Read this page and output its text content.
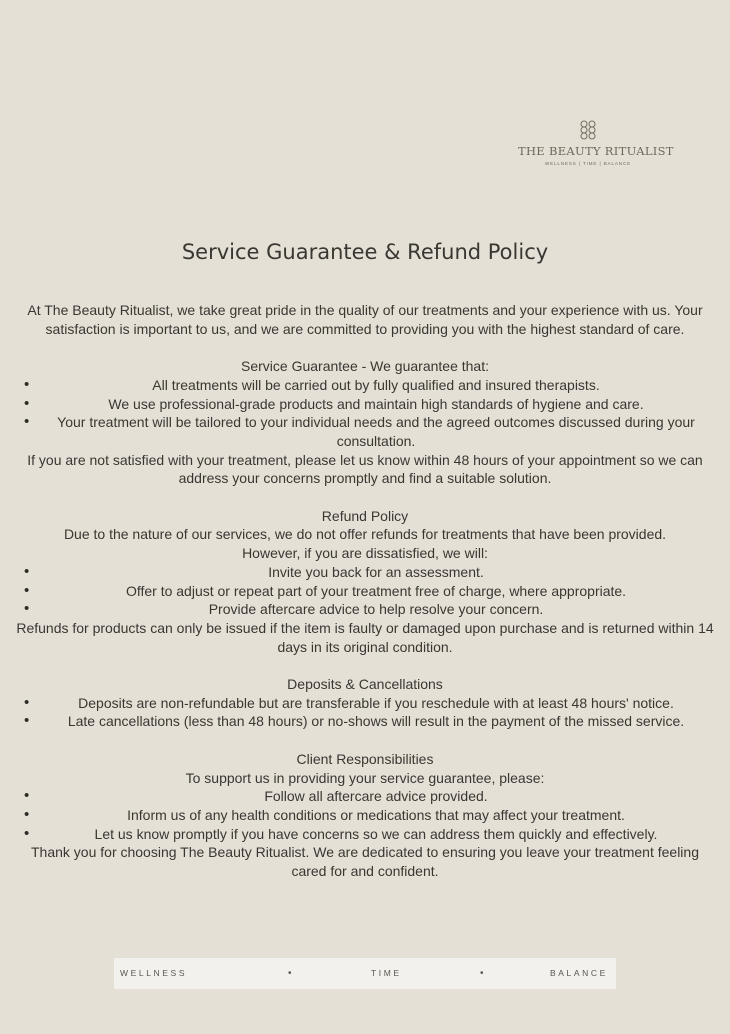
THE BEAUTY RITUALIST
WELLNESS | TIME | BALANCE
Service Guarantee & Refund Policy

At The Beauty Ritualist, we take great pride in the quality of our treatments and your experience with us. Your satisfaction is important to us, and we are committed to providing you with the highest standard of care.

Service Guarantee - We guarantee that:

• All treatments will be carried out by fully qualified and insured therapists.
• We use professional-grade products and maintain high standards of hygiene and care.
• Your treatment will be tailored to your individual needs and the agreed outcomes discussed during your consultation.

If you are not satisfied with your treatment, please let us know within 48 hours of your appointment so we can address your concerns promptly and find a suitable solution.

Refund Policy

Due to the nature of our services, we do not offer refunds for treatments that have been provided.

However, if you are dissatisfied, we will:

• Invite you back for an assessment.
• Offer to adjust or repeat part of your treatment free of charge, where appropriate.
• Provide aftercare advice to help resolve your concern.

Refunds for products can only be issued if the item is faulty or damaged upon purchase and is returned within 14 days in its original condition.

Deposits & Cancellations

• Deposits are non-refundable but are transferable if you reschedule with at least 48 hours' notice.
• Late cancellations (less than 48 hours) or no-shows will result in the payment of the missed service.

Client Responsibilities

To support us in providing your service guarantee, please:

• Follow all aftercare advice provided.
• Inform us of any health conditions or medications that may affect your treatment.
• Let us know promptly if you have concerns so we can address them quickly and effectively.

Thank you for choosing The Beauty Ritualist. We are dedicated to ensuring you leave your treatment feeling cared for and confident.

WELLNESS	•	TIME	•	BALANCE
